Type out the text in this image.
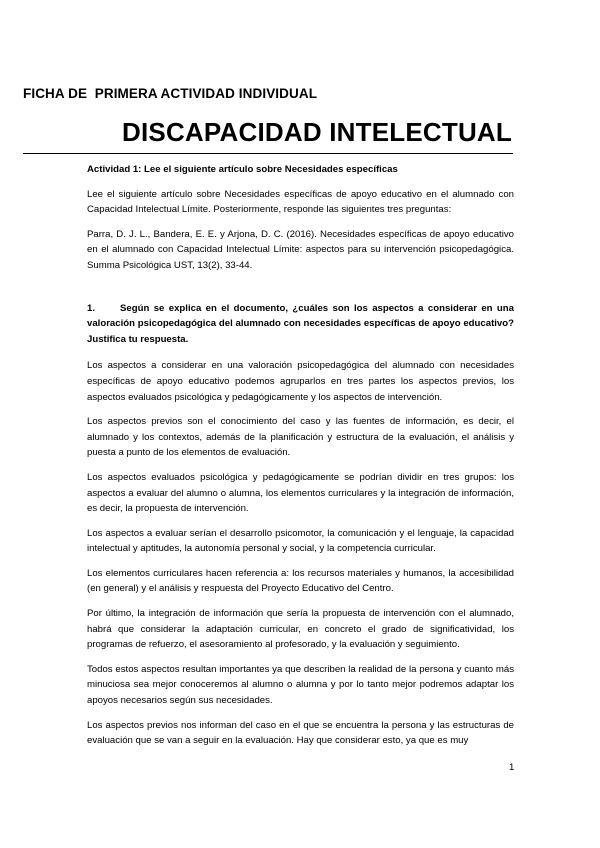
FICHA DE  PRIMERA ACTIVIDAD INDIVIDUAL
DISCAPACIDAD INTELECTUAL

Actividad 1: Lee el siguiente artículo sobre Necesidades específicas

Lee el siguiente artículo sobre Necesidades específicas de apoyo educativo en el alumnado con Capacidad Intelectual Límite. Posteriormente, responde las siguientes tres preguntas:

Parra, D. J. L., Bandera, E. E. y Arjona, D. C. (2016). Necesidades específicas de apoyo educativo en el alumnado con Capacidad Intelectual Límite: aspectos para su intervención psicopedagógica. Summa Psicológica UST, 13(2), 33-44.

1.	Según se explica en el documento, ¿cuáles son los aspectos a considerar en una valoración psicopedagógica del alumnado con necesidades específicas de apoyo educativo? Justifica tu respuesta.

Los aspectos a considerar en una valoración psicopedagógica del alumnado con necesidades específicas de apoyo educativo podemos agruparlos en tres partes los aspectos previos, los aspectos evaluados psicológica y pedagógicamente y los aspectos de intervención.

Los aspectos previos son el conocimiento del caso y las fuentes de información, es decir, el alumnado y los contextos, además de la planificación y estructura de la evaluación, el análisis y puesta a punto de los elementos de evaluación.

Los aspectos evaluados psicológica y pedagógicamente se podrían dividir en tres grupos: los aspectos a evaluar del alumno o alumna, los elementos curriculares y la integración de información, es decir, la propuesta de intervención.

Los aspectos a evaluar serían el desarrollo psicomotor, la comunicación y el lenguaje, la capacidad intelectual y aptitudes, la autonomía personal y social, y la competencia curricular.

Los elementos curriculares hacen referencia a: los recursos materiales y humanos, la accesibilidad (en general) y el análisis y respuesta del Proyecto Educativo del Centro.

Por último, la integración de información que sería la propuesta de intervención con el alumnado, habrá que considerar la adaptación curricular, en concreto el grado de significatividad, los programas de refuerzo, el asesoramiento al profesorado, y la evaluación y seguimiento.

Todos estos aspectos resultan importantes ya que describen la realidad de la persona y cuanto más minuciosa sea mejor conoceremos al alumno o alumna y por lo tanto mejor podremos adaptar los apoyos necesarios según sus necesidades.

Los aspectos previos nos informan del caso en el que se encuentra la persona y las estructuras de evaluación que se van a seguir en la evaluación. Hay que considerar esto, ya que es muy

1
